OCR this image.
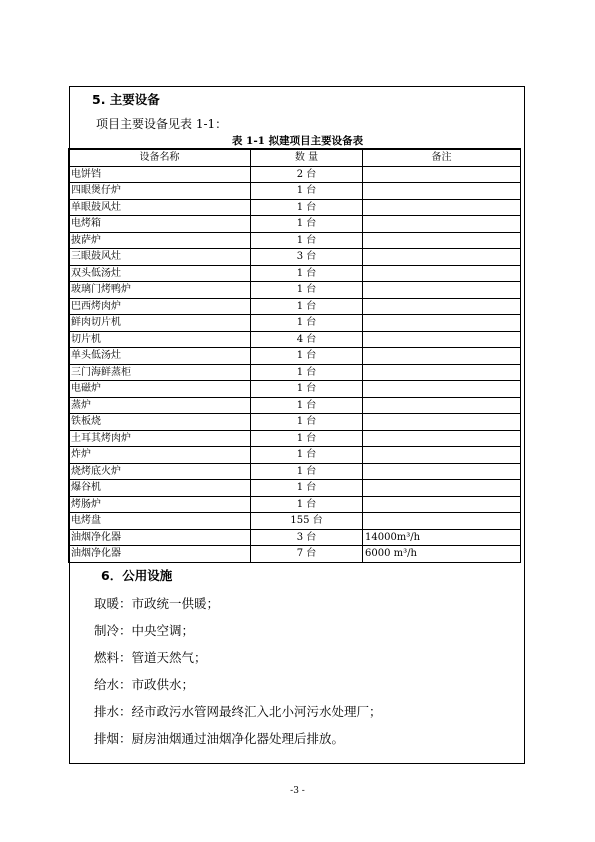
5. 主要设备
项目主要设备见表 1-1：
表 1-1 拟建项目主要设备表
设备名称	数 量	备注
电饼铛	2 台	
四眼煲仔炉	1 台	
单眼鼓风灶	1 台	
电烤箱	1 台	
披萨炉	1 台	
三眼鼓风灶	3 台	
双头低汤灶	1 台	
玻璃门烤鸭炉	1 台	
巴西烤肉炉	1 台	
鲜肉切片机	1 台	
切片机	4 台	
单头低汤灶	1 台	
三门海鲜蒸柜	1 台	
电磁炉	1 台	
蒸炉	1 台	
铁板烧	1 台	
土耳其烤肉炉	1 台	
炸炉	1 台	
烧烤底火炉	1 台	
爆谷机	1 台	
烤肠炉	1 台	
电烤盘	155 台	
油烟净化器	3 台	14000m³/h
油烟净化器	7 台	6000 m³/h
6．公用设施
取暖：市政统一供暖；
制冷：中央空调；
燃料：管道天然气；
给水：市政供水；
排水：经市政污水管网最终汇入北小河污水处理厂；
排烟：厨房油烟通过油烟净化器处理后排放。
-3 -
